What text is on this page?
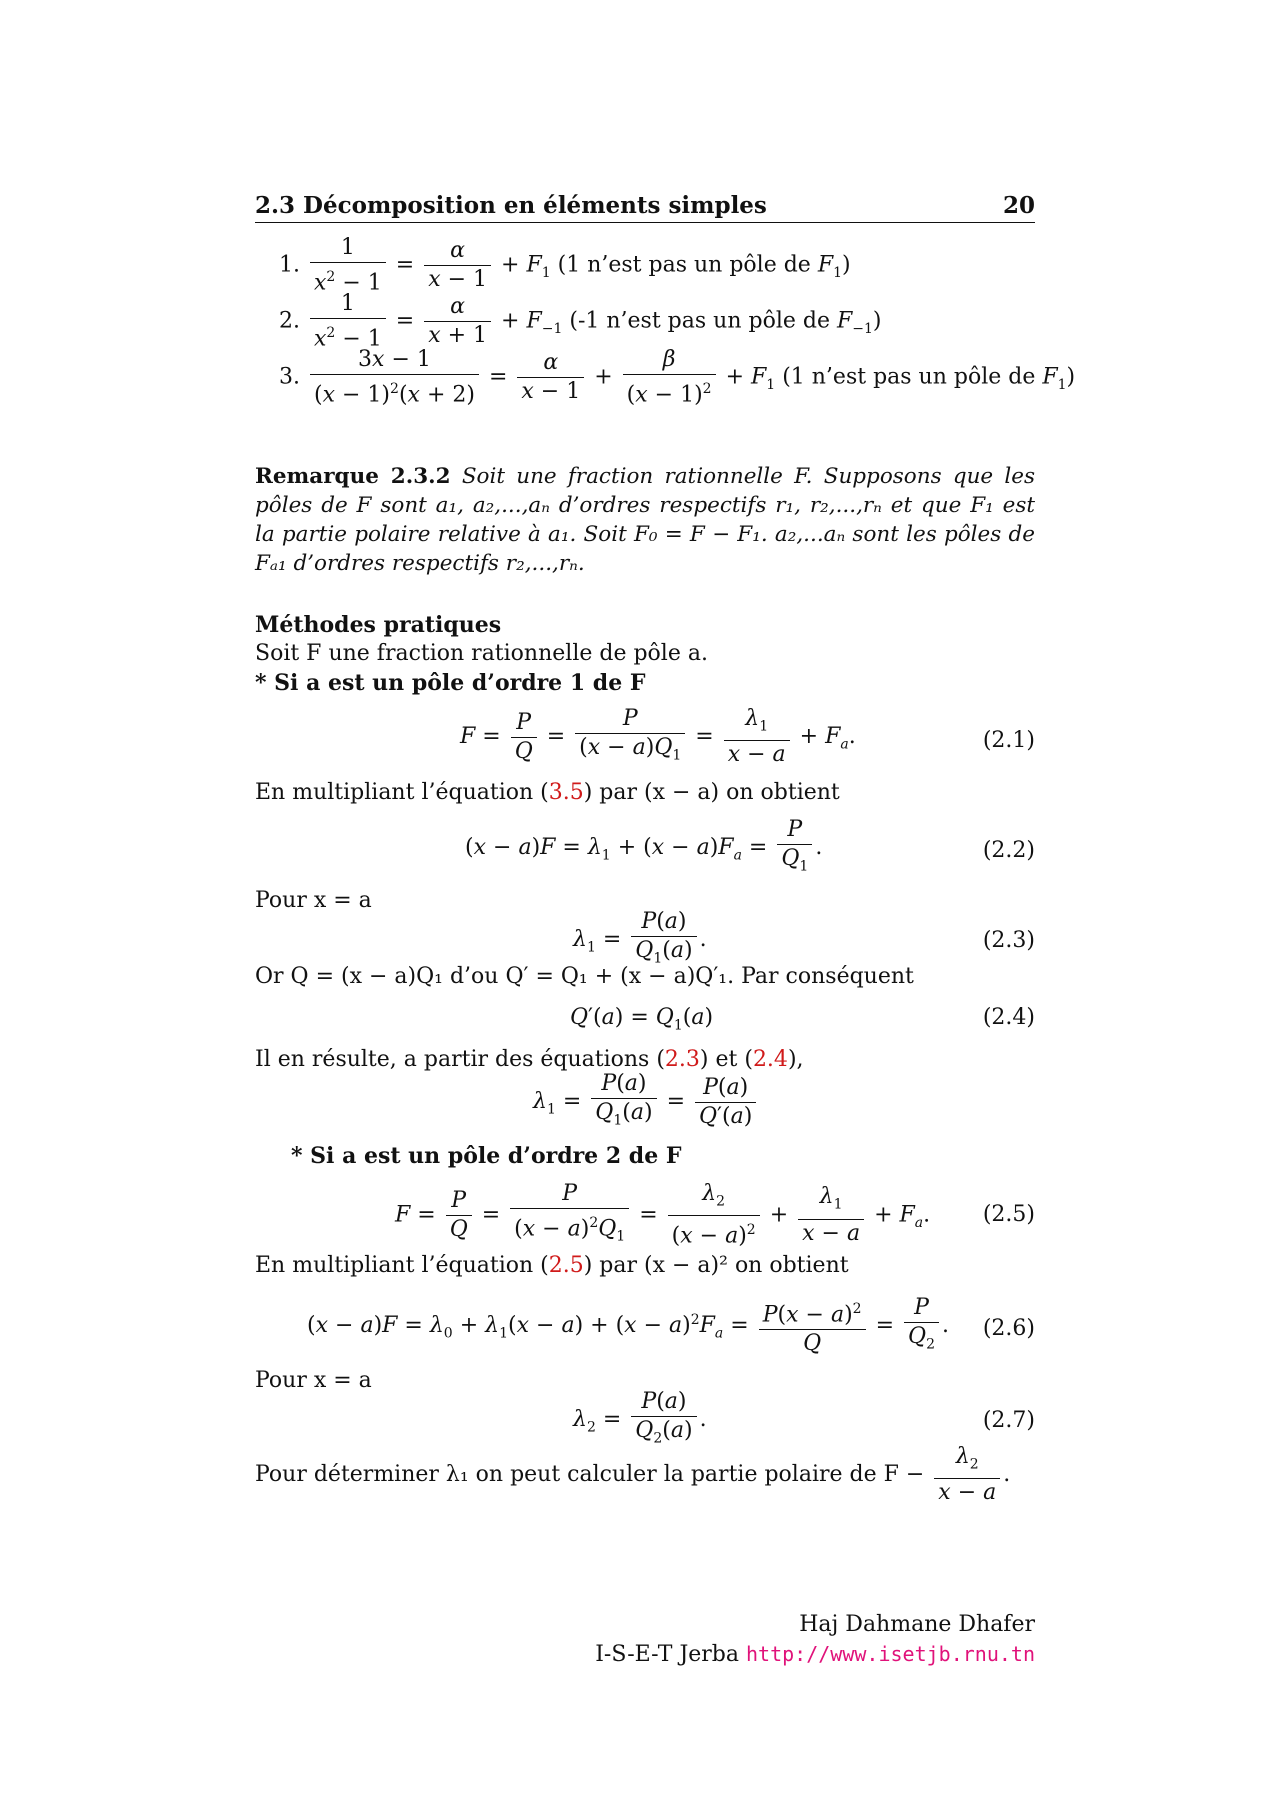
2.3 Décomposition en éléments simples	20
1. $\frac{1}{x^2 - 1} = \frac{\alpha}{x - 1} + F_1$ (1 n’est pas un pôle de $F_1$)
2. $\frac{1}{x^2 - 1} = \frac{\alpha}{x + 1} + F_{-1}$ (-1 n’est pas un pôle de $F_{-1}$)
3. $\frac{3x - 1}{(x - 1)^2(x + 2)} = \frac{\alpha}{x - 1} + \frac{\beta}{(x - 1)^2} + F_1$ (1 n’est pas un pôle de $F_1$)
Remarque 2.3.2 Soit une fraction rationnelle F. Supposons que les pôles de F sont a₁, a₂,...,aₙ d’ordres respectifs r₁, r₂,...,rₙ et que F₁ est la partie polaire relative à a₁. Soit F₀ = F − F₁. a₂,...aₙ sont les pôles de Fₐ₁ d’ordres respectifs r₂,...,rₙ.
Méthodes pratiques
Soit F une fraction rationnelle de pôle a.
* Si a est un pôle d’ordre 1 de F
$F = \frac{P}{Q} = \frac{P}{(x - a)Q_1} = \frac{\lambda_1}{x - a} + F_a$.	(2.1)
En multipliant l’équation (3.5) par (x − a) on obtient
$(x - a)F = \lambda_1 + (x - a)F_a = \frac{P}{Q_1}$ .	(2.2)
Pour x = a
$\lambda_1 = \frac{P(a)}{Q_1(a)}$ .	(2.3)
Or Q = (x − a)Q₁ d’ou Q′ = Q₁ + (x − a)Q′₁. Par conséquent
$Q'(a) = Q_1(a)$	(2.4)
Il en résulte, a partir des équations (2.3) et (2.4),
$\lambda_1 = \frac{P(a)}{Q_1(a)} = \frac{P(a)}{Q'(a)}$
* Si a est un pôle d’ordre 2 de F
$F = \frac{P}{Q} = \frac{P}{(x - a)^2Q_1} = \frac{\lambda_2}{(x - a)^2} + \frac{\lambda_1}{x - a} + F_a$. (2.5)
En multipliant l’équation (2.5) par (x − a)² on obtient
$(x - a)F = \lambda_0 + \lambda_1(x - a) + (x - a)^2F_a = \frac{P(x - a)^2}{Q} = \frac{P}{Q_2}$ . (2.6)
Pour x = a
$\lambda_2 = \frac{P(a)}{Q_2(a)}$ .	(2.7)
Pour déterminer λ₁ on peut calculer la partie polaire de $F - \frac{\lambda_2}{x - a}$ .
Haj Dahmane Dhafer
I-S-E-T Jerba http://www.isetjb.rnu.tn
